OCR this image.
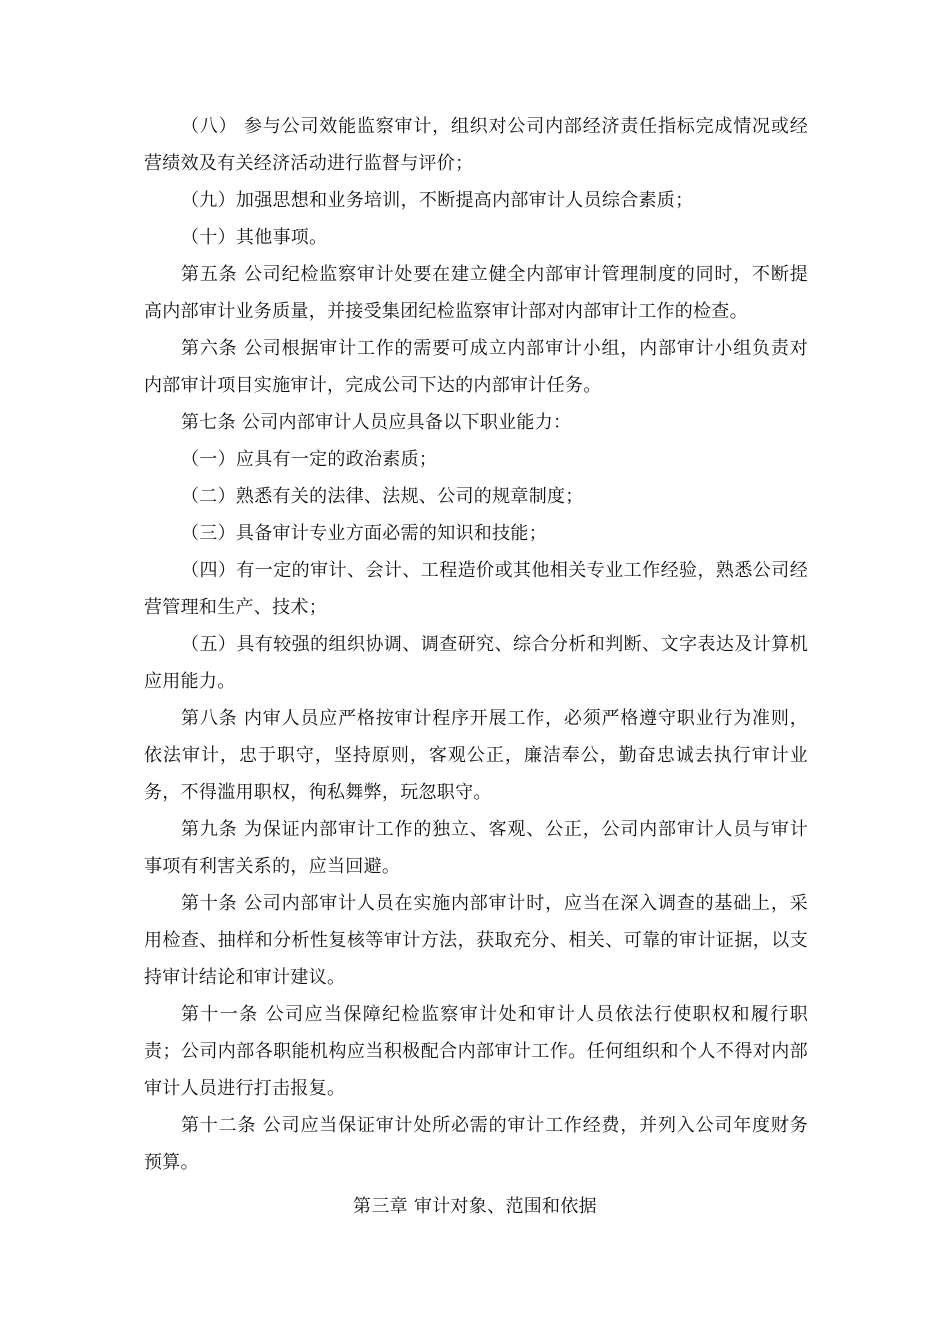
（八） 参与公司效能监察审计，组织对公司内部经济责任指标完成情况或经营绩效及有关经济活动进行监督与评价；

（九）加强思想和业务培训，不断提高内部审计人员综合素质；

（十）其他事项。

第五条 公司纪检监察审计处要在建立健全内部审计管理制度的同时，不断提高内部审计业务质量，并接受集团纪检监察审计部对内部审计工作的检查。

第六条 公司根据审计工作的需要可成立内部审计小组，内部审计小组负责对内部审计项目实施审计，完成公司下达的内部审计任务。

第七条 公司内部审计人员应具备以下职业能力：

（一）应具有一定的政治素质；

（二）熟悉有关的法律、法规、公司的规章制度；

（三）具备审计专业方面必需的知识和技能；

（四）有一定的审计、会计、工程造价或其他相关专业工作经验，熟悉公司经营管理和生产、技术；

（五）具有较强的组织协调、调查研究、综合分析和判断、文字表达及计算机应用能力。

第八条 内审人员应严格按审计程序开展工作，必须严格遵守职业行为准则，依法审计，忠于职守，坚持原则，客观公正，廉洁奉公，勤奋忠诚去执行审计业务，不得滥用职权，徇私舞弊，玩忽职守。

第九条 为保证内部审计工作的独立、客观、公正，公司内部审计人员与审计事项有利害关系的，应当回避。

第十条 公司内部审计人员在实施内部审计时，应当在深入调查的基础上，采用检查、抽样和分析性复核等审计方法，获取充分、相关、可靠的审计证据，以支持审计结论和审计建议。

第十一条 公司应当保障纪检监察审计处和审计人员依法行使职权和履行职责；公司内部各职能机构应当积极配合内部审计工作。任何组织和个人不得对内部审计人员进行打击报复。

第十二条 公司应当保证审计处所必需的审计工作经费，并列入公司年度财务预算。

第三章 审计对象、范围和依据
